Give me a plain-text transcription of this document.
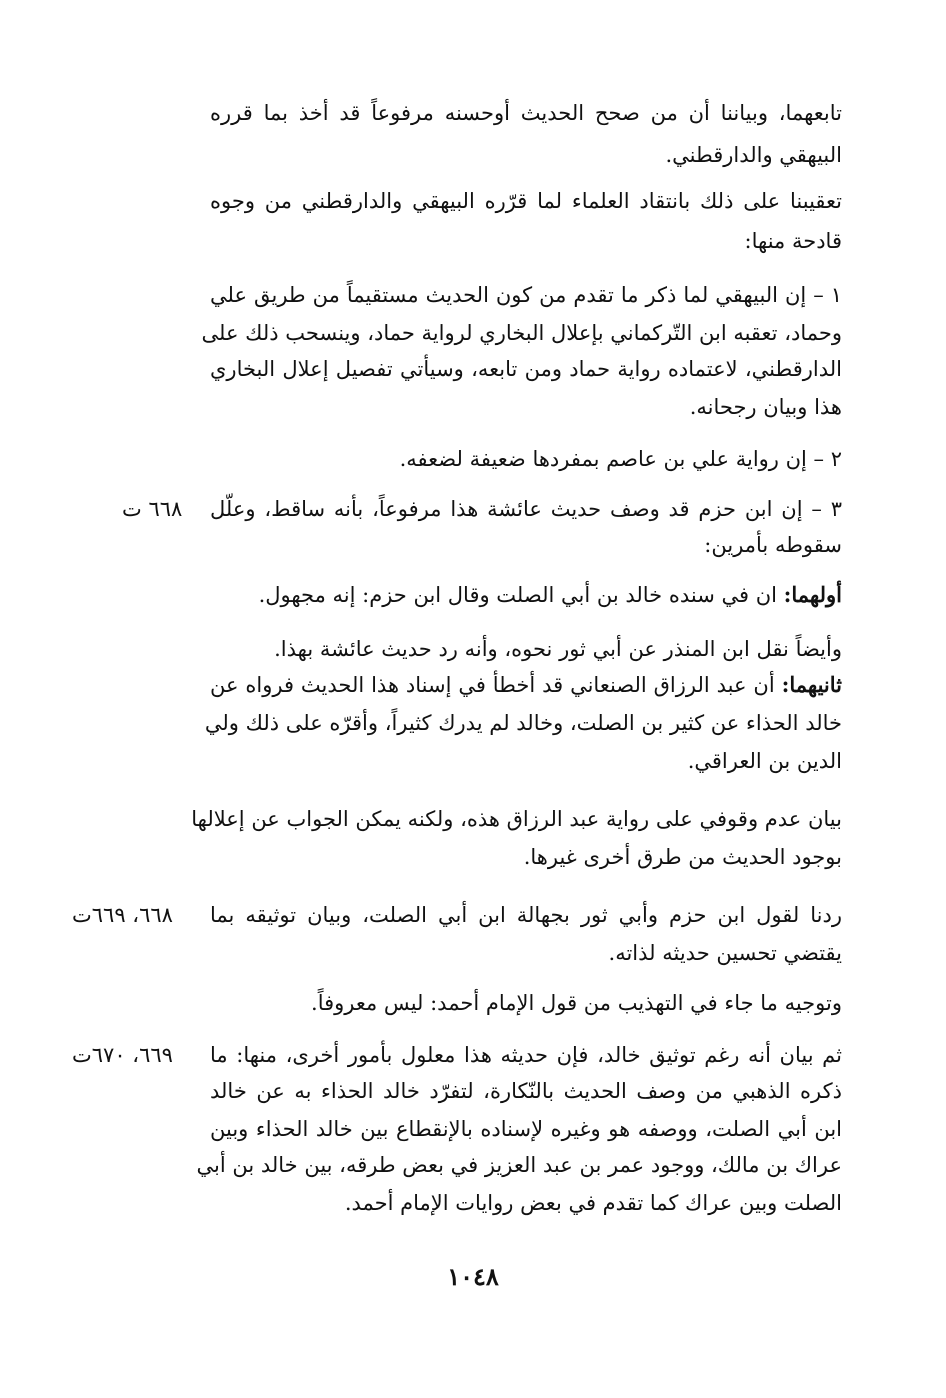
تابعهما، وبياننا أن من صحح الحديث أوحسنه مرفوعاً قد أخذ بما قرره
البيهقي والدارقطني.
تعقيبنا على ذلك بانتقاد العلماء لما قرّره البيهقي والدارقطني من وجوه
قادحة منها:
١ – إن البيهقي لما ذكر ما تقدم من كون الحديث مستقيماً من طريق علي
وحماد، تعقبه ابن التّركماني بإعلال البخاري لرواية حماد، وينسحب ذلك على
الدارقطني، لاعتماده رواية حماد ومن تابعه، وسيأتي تفصيل إعلال البخاري
هذا وبيان رجحانه.
٢ – إن رواية علي بن عاصم بمفردها ضعيفة لضعفه.
٦٦٨ ت ٣ – إن ابن حزم قد وصف حديث عائشة هذا مرفوعاً، بأنه ساقط، وعلّل
سقوطه بأمرين:
أولهما: ان في سنده خالد بن أبي الصلت وقال ابن حزم: إنه مجهول.
وأيضاً نقل ابن المنذر عن أبي ثور نحوه، وأنه رد حديث عائشة بهذا.
ثانيهما: أن عبد الرزاق الصنعاني قد أخطأ في إسناد هذا الحديث فرواه عن
خالد الحذاء عن كثير بن الصلت، وخالد لم يدرك كثيراً، وأقرّه على ذلك ولي
الدين بن العراقي.
بيان عدم وقوفي على رواية عبد الرزاق هذه، ولكنه يمكن الجواب عن إعلالها
بوجود الحديث من طرق أخرى غيرها.
٦٦٨، ٦٦٩ت ردنا لقول ابن حزم وأبي ثور بجهالة ابن أبي الصلت، وبيان توثيقه بما
يقتضي تحسين حديثه لذاته.
وتوجيه ما جاء في التهذيب من قول الإمام أحمد: ليس معروفاً.
٦٦٩، ٦٧٠ت ثم بيان أنه رغم توثيق خالد، فإن حديثه هذا معلول بأمور أخرى، منها: ما
ذكره الذهبي من وصف الحديث بالنّكارة، لتفرّد خالد الحذاء به عن خالد
ابن أبي الصلت، ووصفه هو وغيره لإسناده بالإنقطاع بين خالد الحذاء وبين
عراك بن مالك، ووجود عمر بن عبد العزيز في بعض طرقه، بين خالد بن أبي
الصلت وبين عراك كما تقدم في بعض روايات الإمام أحمد.
١٠٤٨
